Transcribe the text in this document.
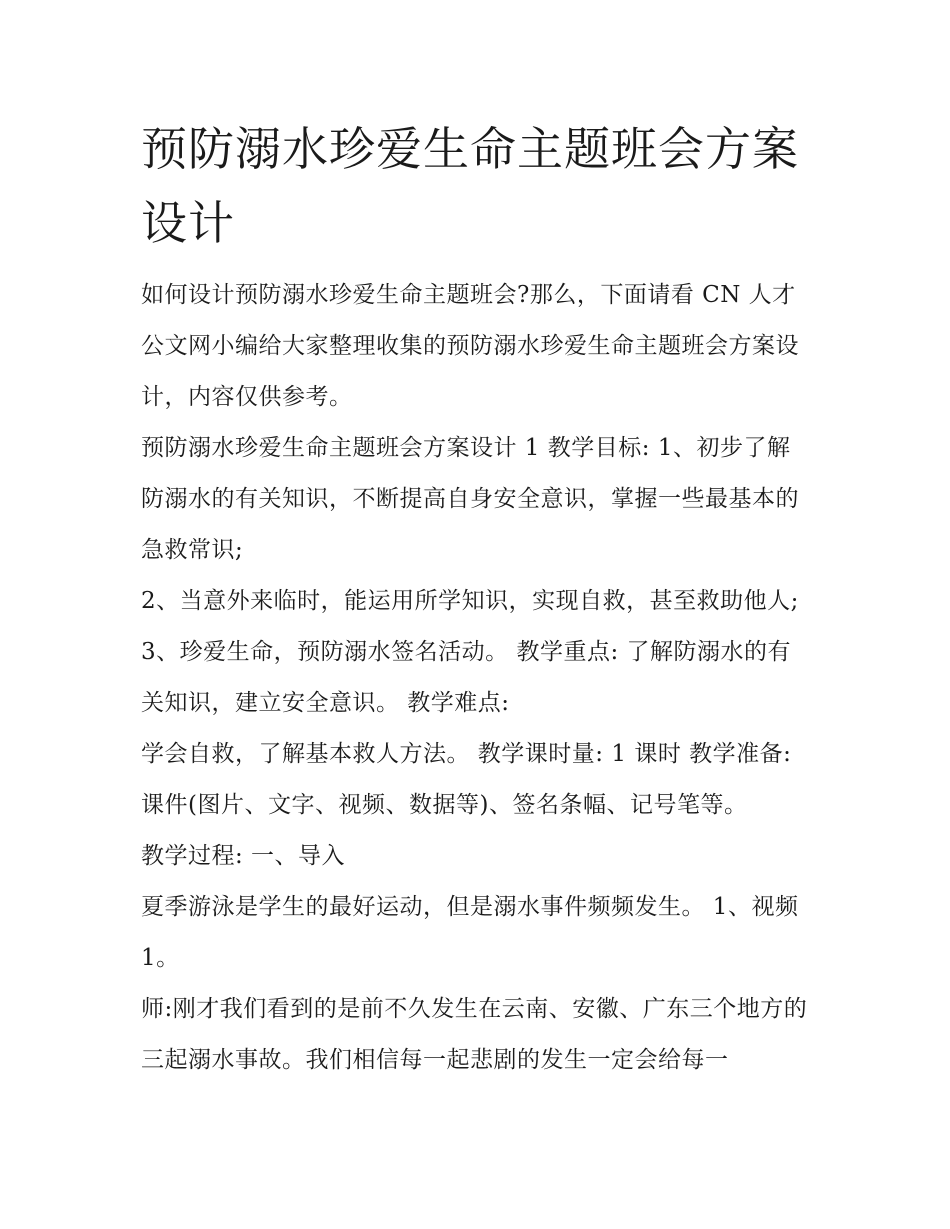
预防溺水珍爱生命主题班会方案设计

如何设计预防溺水珍爱生命主题班会?那么，下面请看 CN 人才公文网小编给大家整理收集的预防溺水珍爱生命主题班会方案设计，内容仅供参考。

预防溺水珍爱生命主题班会方案设计 1 教学目标: 1、初步了解防溺水的有关知识，不断提高自身安全意识，掌握一些最基本的急救常识;

2、当意外来临时，能运用所学知识，实现自救，甚至救助他人; 3、珍爱生命，预防溺水签名活动。 教学重点: 了解防溺水的有关知识，建立安全意识。 教学难点:

学会自救，了解基本救人方法。 教学课时量: 1 课时 教学准备: 课件(图片、文字、视频、数据等)、签名条幅、记号笔等。

教学过程: 一、导入

夏季游泳是学生的最好运动，但是溺水事件频频发生。 1、视频 1。

师:刚才我们看到的是前不久发生在云南、安徽、广东三个地方的三起溺水事故。我们相信每一起悲剧的发生一定会给每一
